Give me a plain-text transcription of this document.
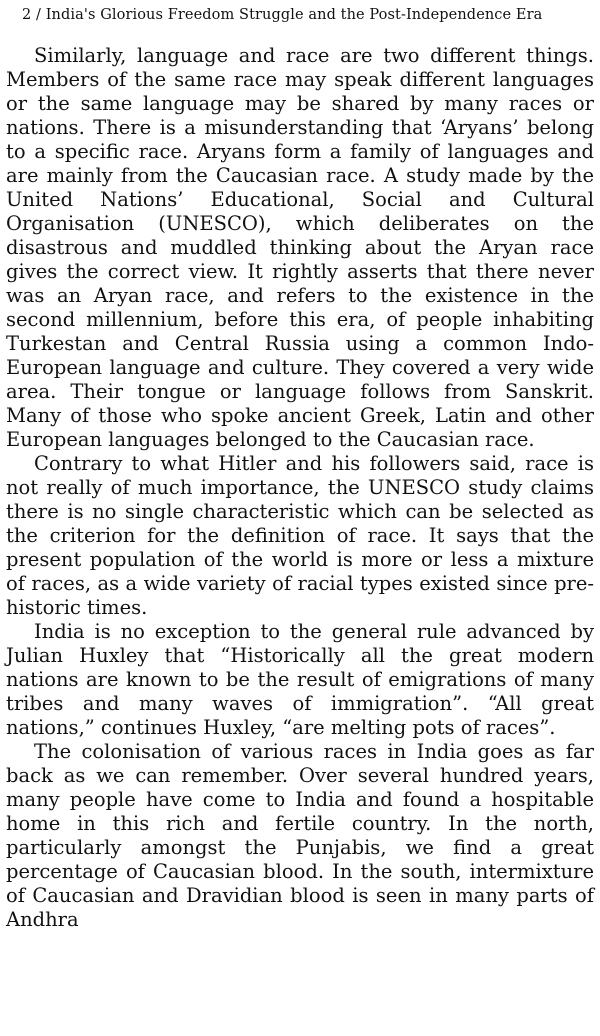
2 / India's Glorious Freedom Struggle and the Post-Independence Era

Similarly, language and race are two different things. Members of the same race may speak different languages or the same language may be shared by many races or nations. There is a misunderstanding that ‘Aryans’ belong to a specific race. Aryans form a family of languages and are mainly from the Caucasian race. A study made by the United Nations’ Educational, Social and Cultural Organisation (UNESCO), which deliberates on the disastrous and muddled thinking about the Aryan race gives the correct view. It rightly asserts that there never was an Aryan race, and refers to the existence in the second millennium, before this era, of people inhabiting Turkestan and Central Russia using a common Indo-European language and culture. They covered a very wide area. Their tongue or language follows from Sanskrit. Many of those who spoke ancient Greek, Latin and other European languages belonged to the Caucasian race.

Contrary to what Hitler and his followers said, race is not really of much importance, the UNESCO study claims there is no single characteristic which can be selected as the criterion for the definition of race. It says that the present population of the world is more or less a mixture of races, as a wide variety of racial types existed since pre-historic times.

India is no exception to the general rule advanced by Julian Huxley that “Historically all the great modern nations are known to be the result of emigrations of many tribes and many waves of immigration”. “All great nations,” continues Huxley, “are melting pots of races”.

The colonisation of various races in India goes as far back as we can remember. Over several hundred years, many people have come to India and found a hospitable home in this rich and fertile country. In the north, particularly amongst the Punjabis, we find a great percentage of Caucasian blood. In the south, intermixture of Caucasian and Dravidian blood is seen in many parts of Andhra
